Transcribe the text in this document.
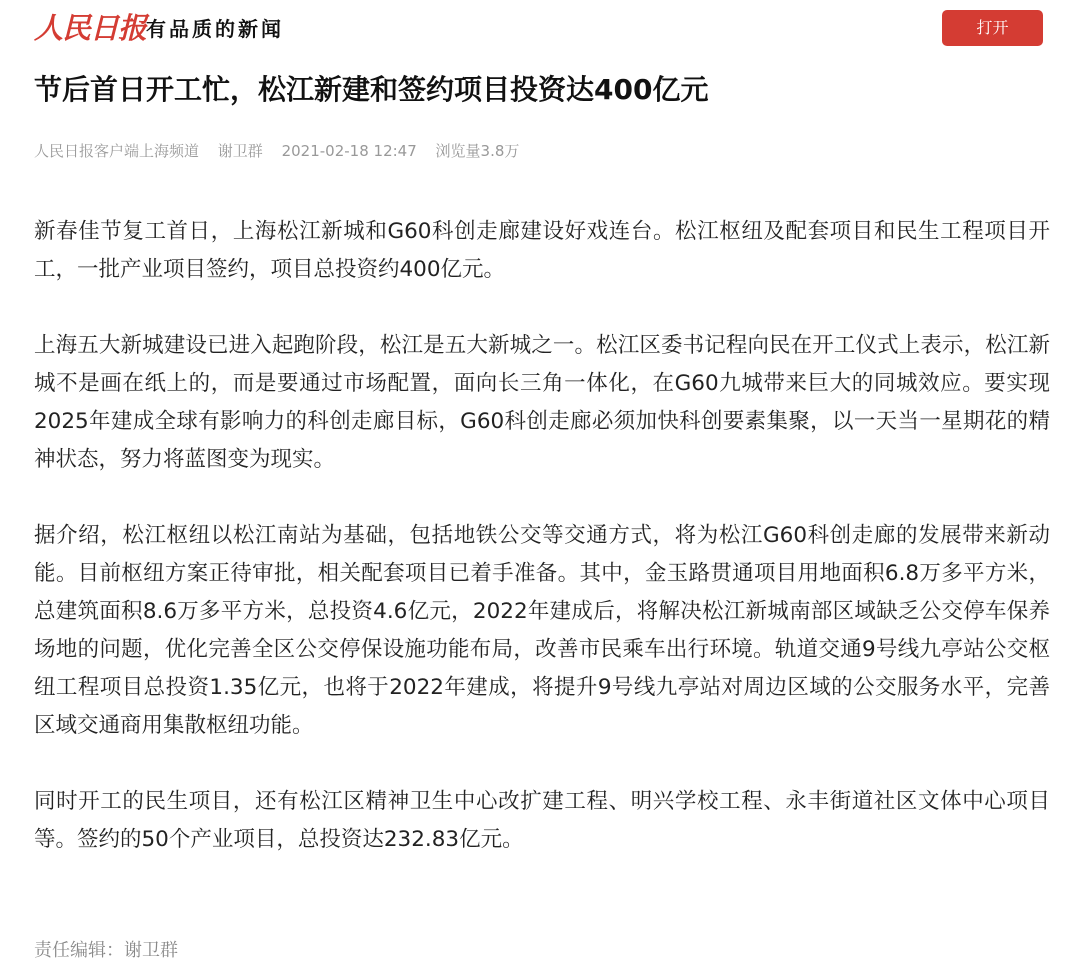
人民日报 有品质的新闻	打开
节后首日开工忙，松江新建和签约项目投资达400亿元
人民日报客户端上海频道 谢卫群 2021-02-18 12:47 浏览量3.8万

新春佳节复工首日，上海松江新城和G60科创走廊建设好戏连台。松江枢纽及配套项目和民生工程项目开工，一批产业项目签约，项目总投资约400亿元。

上海五大新城建设已进入起跑阶段，松江是五大新城之一。松江区委书记程向民在开工仪式上表示，松江新城不是画在纸上的，而是要通过市场配置，面向长三角一体化，在G60九城带来巨大的同城效应。要实现2025年建成全球有影响力的科创走廊目标，G60科创走廊必须加快科创要素集聚，以一天当一星期花的精神状态，努力将蓝图变为现实。

据介绍，松江枢纽以松江南站为基础，包括地铁公交等交通方式，将为松江G60科创走廊的发展带来新动能。目前枢纽方案正待审批，相关配套项目已着手准备。其中，金玉路贯通项目用地面积6.8万多平方米，总建筑面积8.6万多平方米，总投资4.6亿元，2022年建成后，将解决松江新城南部区域缺乏公交停车保养场地的问题，优化完善全区公交停保设施功能布局，改善市民乘车出行环境。轨道交通9号线九亭站公交枢纽工程项目总投资1.35亿元，也将于2022年建成，将提升9号线九亭站对周边区域的公交服务水平，完善区域交通商用集散枢纽功能。

同时开工的民生项目，还有松江区精神卫生中心改扩建工程、明兴学校工程、永丰街道社区文体中心项目等。签约的50个产业项目，总投资达232.83亿元。

责任编辑：谢卫群
